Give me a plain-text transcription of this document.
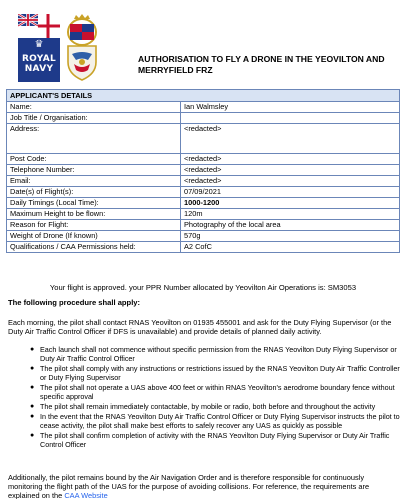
♛
ROYAL
NAVY
AUTHORISATION TO FLY A DRONE IN THE YEOVILTON AND MERRYFIELD FRZ
APPLICANT'S DETAILS	
Name:	Ian Walmsley
Job Title / Organisation:	
Address:	<redacted>
Post Code:	<redacted>
Telephone Number:	<redacted>
Email:	<redacted>
Date(s) of Flight(s):	07/09/2021
Daily Timings (Local Time):	1000-1200
Maximum Height to be flown:	120m
Reason for Flight:	Photography of the local area
Weight of Drone (If known)	570g
Qualifications / CAA Permissions held:	A2 CofC
Your flight is approved. your PPR Number allocated by Yeovilton Air Operations is: SM3053
The following procedure shall apply:
Each morning, the pilot shall contact RNAS Yeovilton on 01935 455001 and ask for the Duty Flying Supervisor (or the Duty Air Traffic Control Officer if DFS is unavailable) and provide details of planned daily activity.
● Each launch shall not commence without specific permission from the RNAS Yeovilton Duty Flying Supervisor or Duty Air Traffic Control Officer
● The pilot shall comply with any instructions or restrictions issued by the RNAS Yeovilton Duty Air Traffic Controller or Duty Flying Supervisor
● The pilot shall not operate a UAS above 400 feet or within RNAS Yeovilton's aerodrome boundary fence without specific approval
● The pilot shall remain immediately contactable, by mobile or radio, both before and throughout the activity
● In the event that the RNAS Yeovilton Duty Air Traffic Control Officer or Duty Flying Supervisor instructs the pilot to cease activity, the pilot shall make best efforts to safely recover any UAS as quickly as possible
● The pilot shall confirm completion of activity with the RNAS Yeovilton Duty Flying Supervisor or Duty Air Traffic Control Officer
Additionally, the pilot remains bound by the Air Navigation Order and is therefore responsible for continuously monitoring the flight path of the UAS for the purpose of avoiding collisions. For reference, the requirements are explained on the CAA Website
